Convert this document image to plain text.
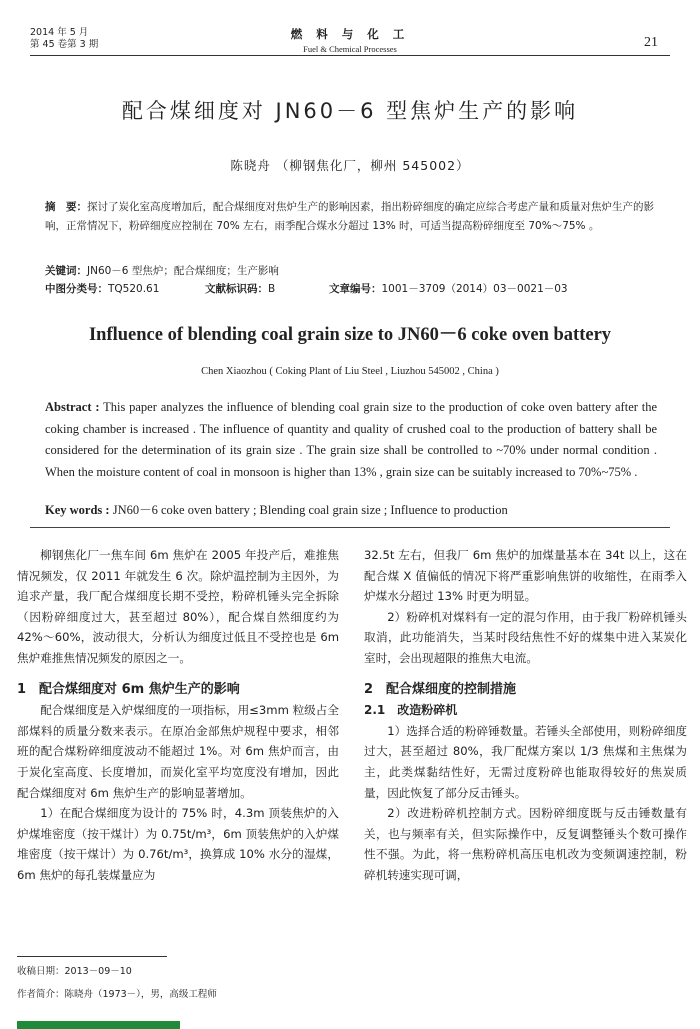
2014 年 5 月
第 45 卷第 3 期
燃 料 与 化 工
Fuel & Chemical Processes	21
配合煤细度对 JN60－6 型焦炉生产的影响
陈晓舟 （柳钢焦化厂，柳州 545002）
摘　要：探讨了炭化室高度增加后，配合煤细度对焦炉生产的影响因素，指出粉碎细度的确定应综合考虑产量和质量对焦炉生产的影响，正常情况下，粉碎细度应控制在 70% 左右，雨季配合煤水分超过 13% 时，可适当提高粉碎细度至 70%～75% 。
关键词：JN60－6 型焦炉；配合煤细度；生产影响
中图分类号：TQ520.61	文献标识码：B	文章编号：1001－3709（2014）03－0021－03
Influence of blending coal grain size to JN60－6 coke oven battery
Chen Xiaozhou ( Coking Plant of Liu Steel , Liuzhou 545002 , China )
Abstract : This paper analyzes the influence of blending coal grain size to the production of coke oven battery after the coking chamber is increased . The influence of quantity and quality of crushed coal to the production of battery shall be considered for the determination of its grain size . The grain size shall be controlled to ~70% under normal condition . When the moisture content of coal in monsoon is higher than 13% , grain size can be suitably increased to 70%~75% .
Key words : JN60－6 coke oven battery ; Blending coal grain size ; Influence to production

柳钢焦化厂一焦车间 6m 焦炉在 2005 年投产后，难推焦情况频发，仅 2011 年就发生 6 次。除炉温控制为主因外，为追求产量，我厂配合煤细度长期不受控，粉碎机锤头完全拆除（因粉碎细度过大，甚至超过 80%），配合煤自然细度约为 42%～60%，波动很大，分析认为细度过低且不受控也是 6m 焦炉难推焦情况频发的原因之一。

1　配合煤细度对 6m 焦炉生产的影响

配合煤细度是入炉煤细度的一项指标，用≤3mm 粒级占全部煤料的质量分数来表示。在原冶金部焦炉规程中要求，相邻班的配合煤粉碎细度波动不能超过 1%。对 6m 焦炉而言，由于炭化室高度、长度增加，而炭化室平均宽度没有增加，因此配合煤细度对 6m 焦炉生产的影响显著增加。

1）在配合煤细度为设计的 75% 时，4.3m 顶装焦炉的入炉煤堆密度（按干煤计）为 0.75t/m³，6m 顶装焦炉的入炉煤堆密度（按干煤计）为 0.76t/m³，换算成 10% 水分的湿煤，6m 焦炉的每孔装煤量应为

32.5t 左右，但我厂 6m 焦炉的加煤量基本在 34t 以上，这在配合煤 X 值偏低的情况下将严重影响焦饼的收缩性，在雨季入炉煤水分超过 13% 时更为明显。

2）粉碎机对煤料有一定的混匀作用，由于我厂粉碎机锤头取消，此功能消失，当某时段结焦性不好的煤集中进入某炭化室时，会出现超限的推焦大电流。

2　配合煤细度的控制措施

2.1　改造粉碎机

1）选择合适的粉碎锤数量。若锤头全部使用，则粉碎细度过大，甚至超过 80%，我厂配煤方案以 1/3 焦煤和主焦煤为主，此类煤黏结性好，无需过度粉碎也能取得较好的焦炭质量，因此恢复了部分反击锤头。

2）改进粉碎机控制方式。因粉碎细度既与反击锤数量有关，也与频率有关，但实际操作中，反复调整锤头个数可操作性不强。为此，将一焦粉碎机高压电机改为变频调速控制，粉碎机转速实现可调，

收稿日期：2013－09－10
作者简介：陈晓舟（1973－），男，高级工程师
